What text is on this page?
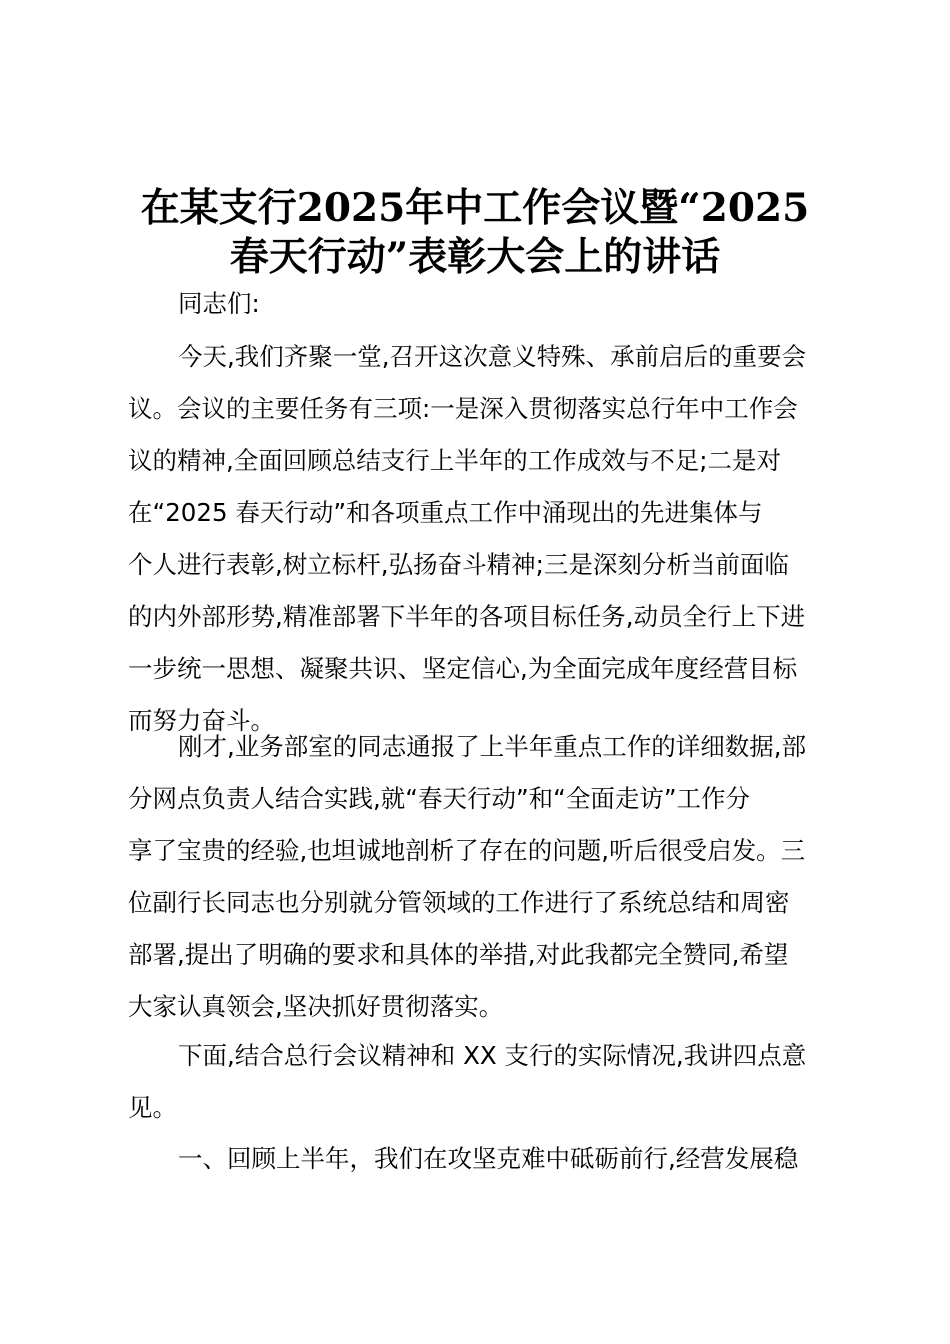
在某支行2025年中工作会议暨“2025
春天行动”表彰大会上的讲话
同志们:
今天,我们齐聚一堂,召开这次意义特殊、承前启后的重要会
议。会议的主要任务有三项:一是深入贯彻落实总行年中工作会
议的精神,全面回顾总结支行上半年的工作成效与不足;二是对
在“2025 春天行动”和各项重点工作中涌现出的先进集体与
个人进行表彰,树立标杆,弘扬奋斗精神;三是深刻分析当前面临
的内外部形势,精准部署下半年的各项目标任务,动员全行上下进
一步统一思想、凝聚共识、坚定信心,为全面完成年度经营目标
而努力奋斗。
刚才,业务部室的同志通报了上半年重点工作的详细数据,部
分网点负责人结合实践,就“春天行动”和“全面走访”工作分
享了宝贵的经验,也坦诚地剖析了存在的问题,听后很受启发。三
位副行长同志也分别就分管领域的工作进行了系统总结和周密
部署,提出了明确的要求和具体的举措,对此我都完全赞同,希望
大家认真领会,坚决抓好贯彻落实。
下面,结合总行会议精神和 XX 支行的实际情况,我讲四点意
见。
一、回顾上半年，我们在攻坚克难中砥砺前行,经营发展稳
